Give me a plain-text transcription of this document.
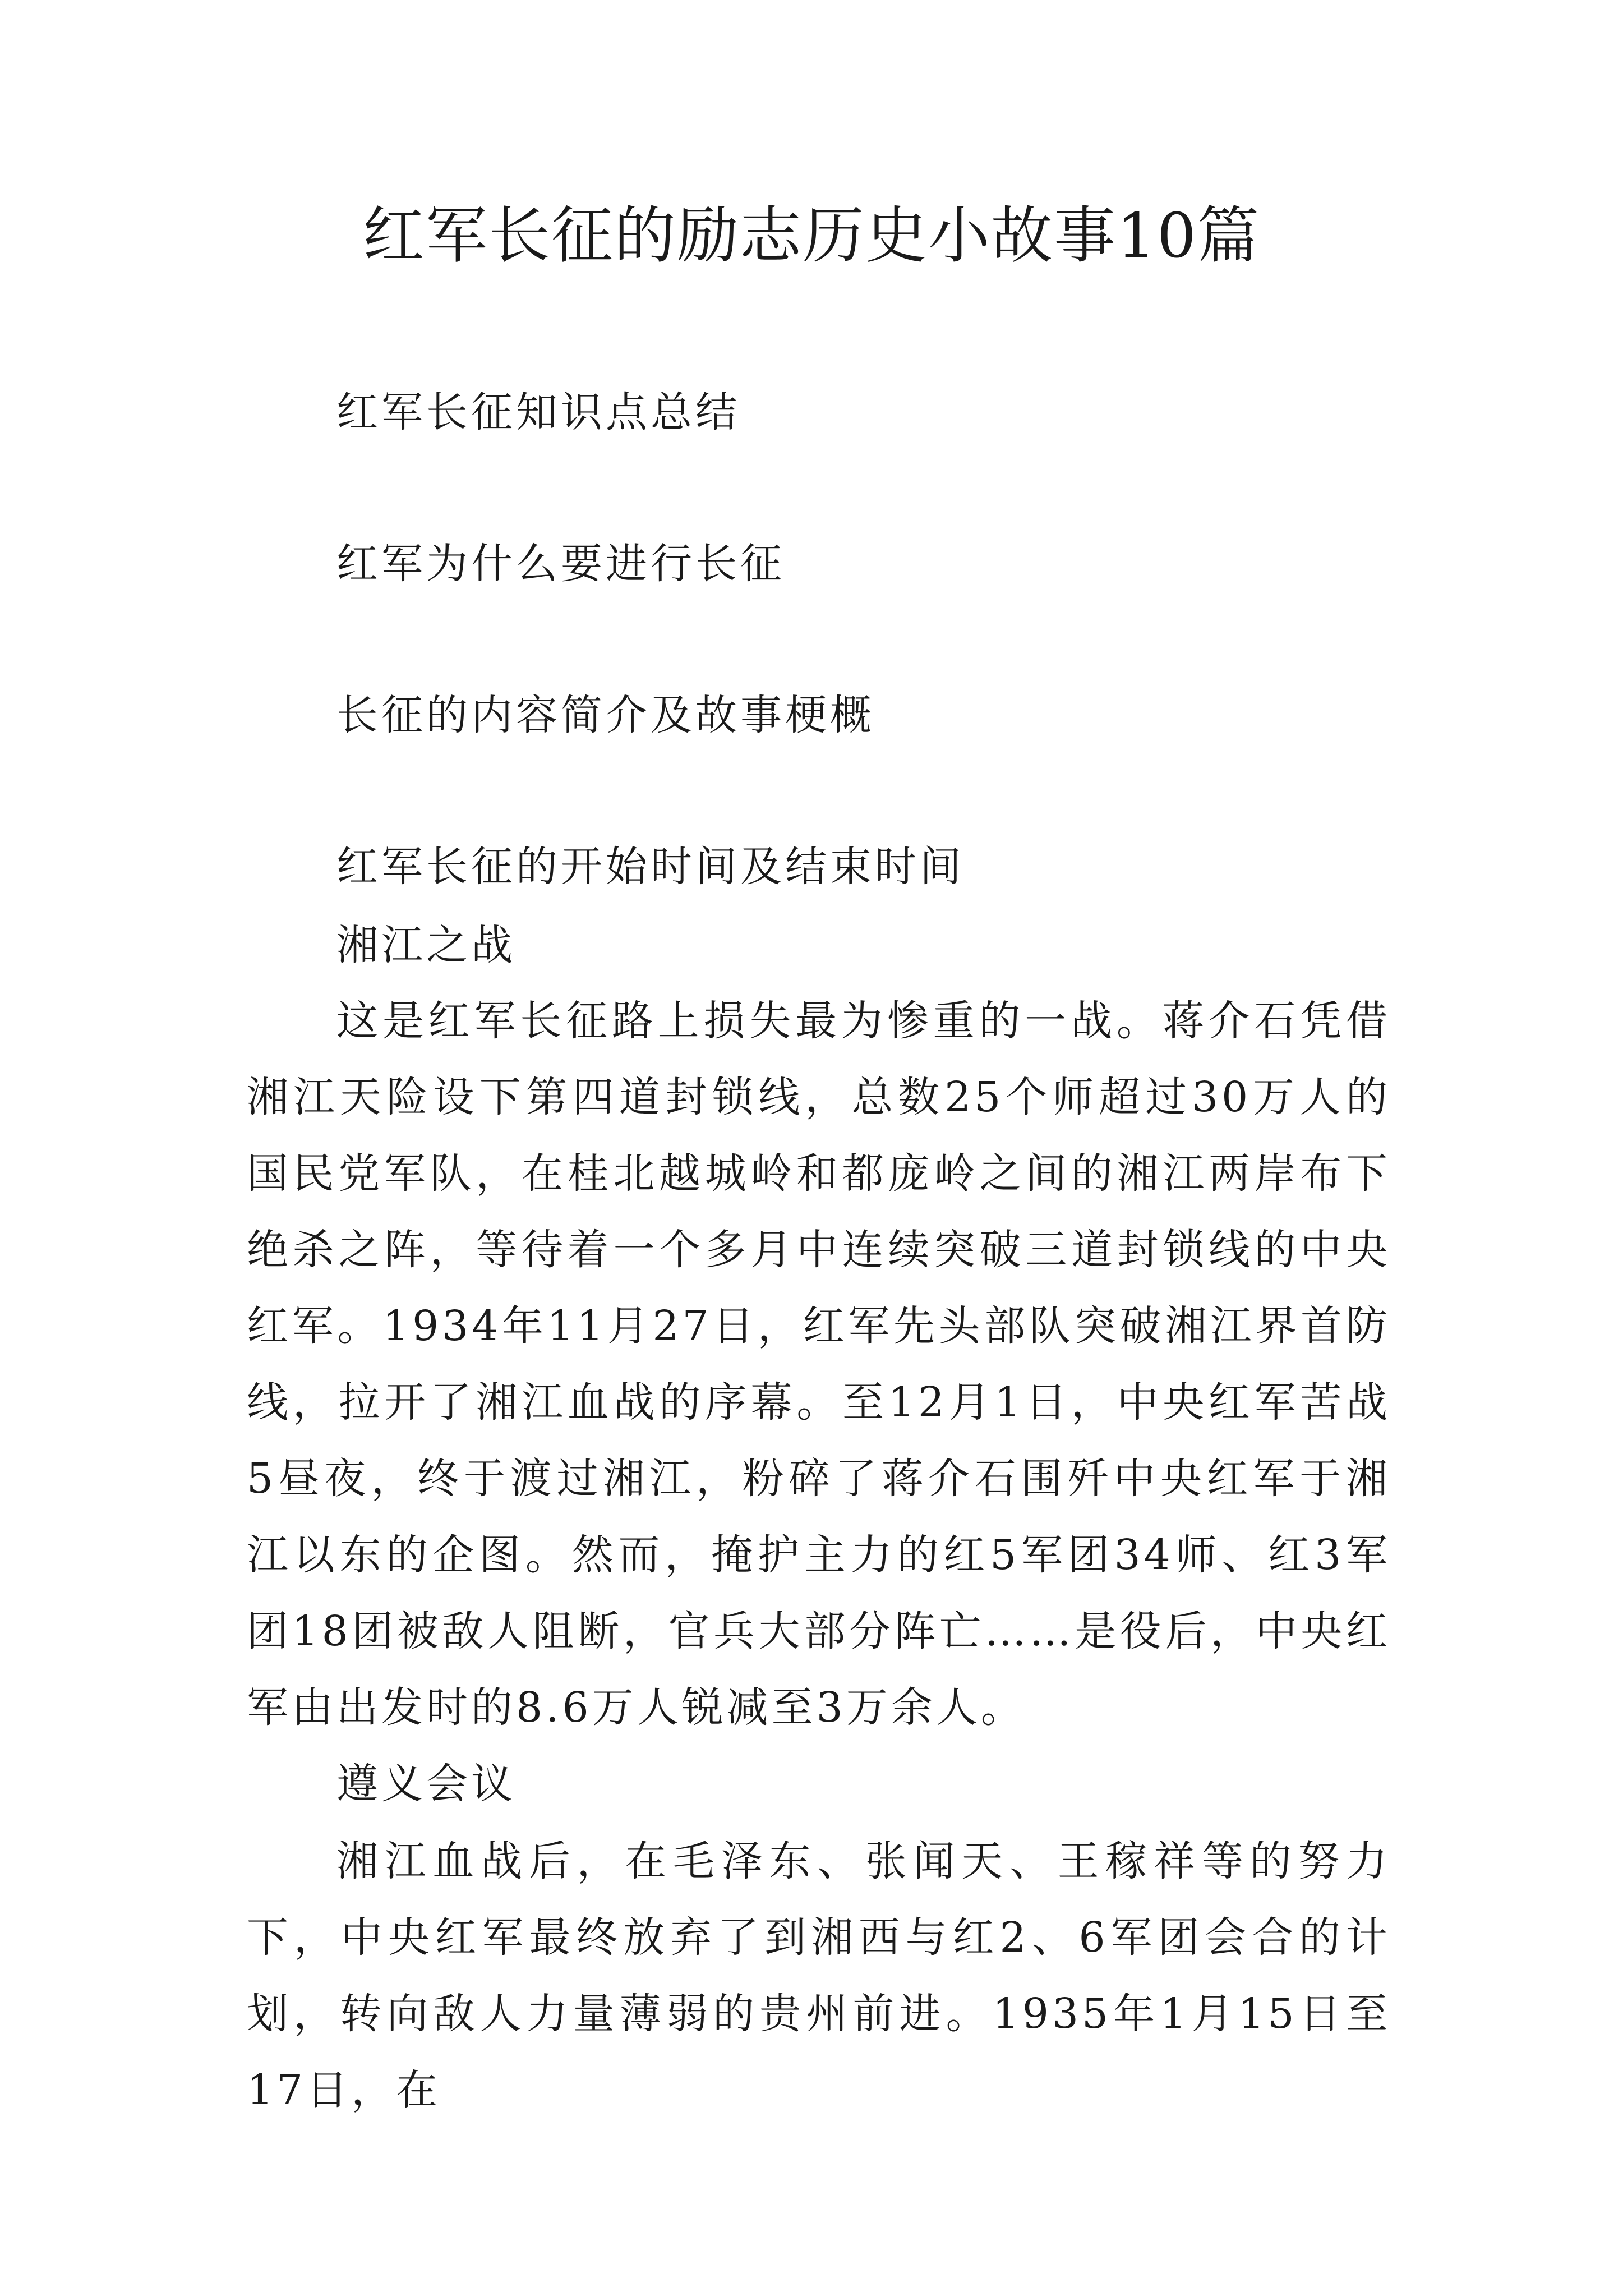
红军长征的励志历史小故事10篇

红军长征知识点总结

红军为什么要进行长征

长征的内容简介及故事梗概

红军长征的开始时间及结束时间

湘江之战

这是红军长征路上损失最为惨重的一战。蒋介石凭借湘江天险设下第四道封锁线，总数25个师超过30万人的国民党军队，在桂北越城岭和都庞岭之间的湘江两岸布下绝杀之阵，等待着一个多月中连续突破三道封锁线的中央红军。1934年11月27日，红军先头部队突破湘江界首防线，拉开了湘江血战的序幕。至12月1日，中央红军苦战5昼夜，终于渡过湘江，粉碎了蒋介石围歼中央红军于湘江以东的企图。然而，掩护主力的红5军团34师、红3军团18团被敌人阻断，官兵大部分阵亡……是役后，中央红军由出发时的8.6万人锐减至3万余人。

遵义会议

湘江血战后，在毛泽东、张闻天、王稼祥等的努力下，中央红军最终放弃了到湘西与红2、6军团会合的计划，转向敌人力量薄弱的贵州前进。1935年1月15日至17日，在
